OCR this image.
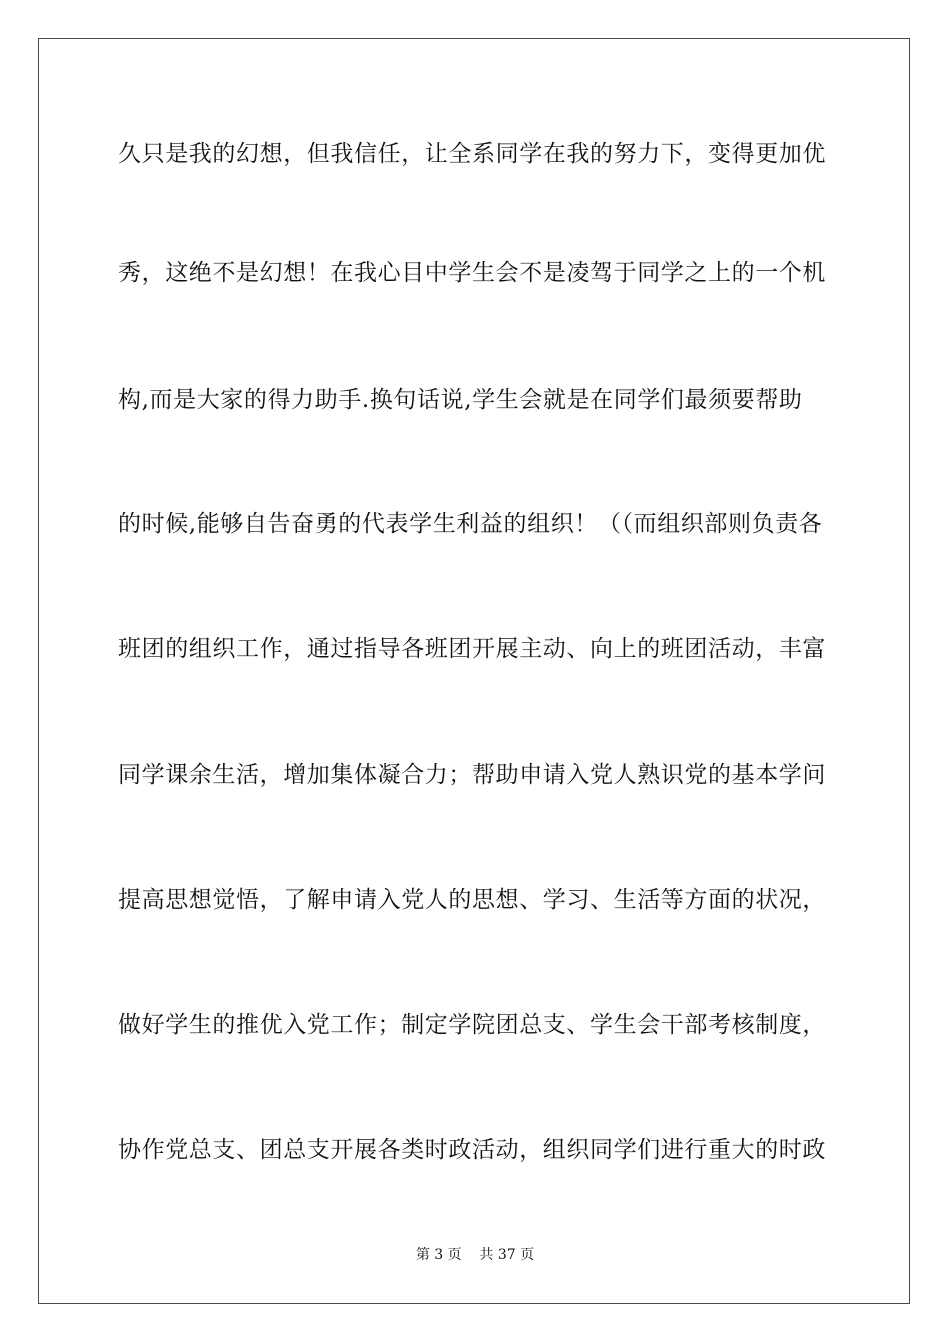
久只是我的幻想，但我信任，让全系同学在我的努力下，变得更加优
秀，这绝不是幻想！在我心目中学生会不是凌驾于同学之上的一个机
构,而是大家的得力助手.换句话说,学生会就是在同学们最须要帮助
的时候,能够自告奋勇的代表学生利益的组织！（（而组织部则负责各
班团的组织工作，通过指导各班团开展主动、向上的班团活动，丰富
同学课余生活，增加集体凝合力；帮助申请入党人熟识党的基本学问
提高思想觉悟，了解申请入党人的思想、学习、生活等方面的状况，
做好学生的推优入党工作；制定学院团总支、学生会干部考核制度，
协作党总支、团总支开展各类时政活动，组织同学们进行重大的时政
第 3 页    共 37 页
